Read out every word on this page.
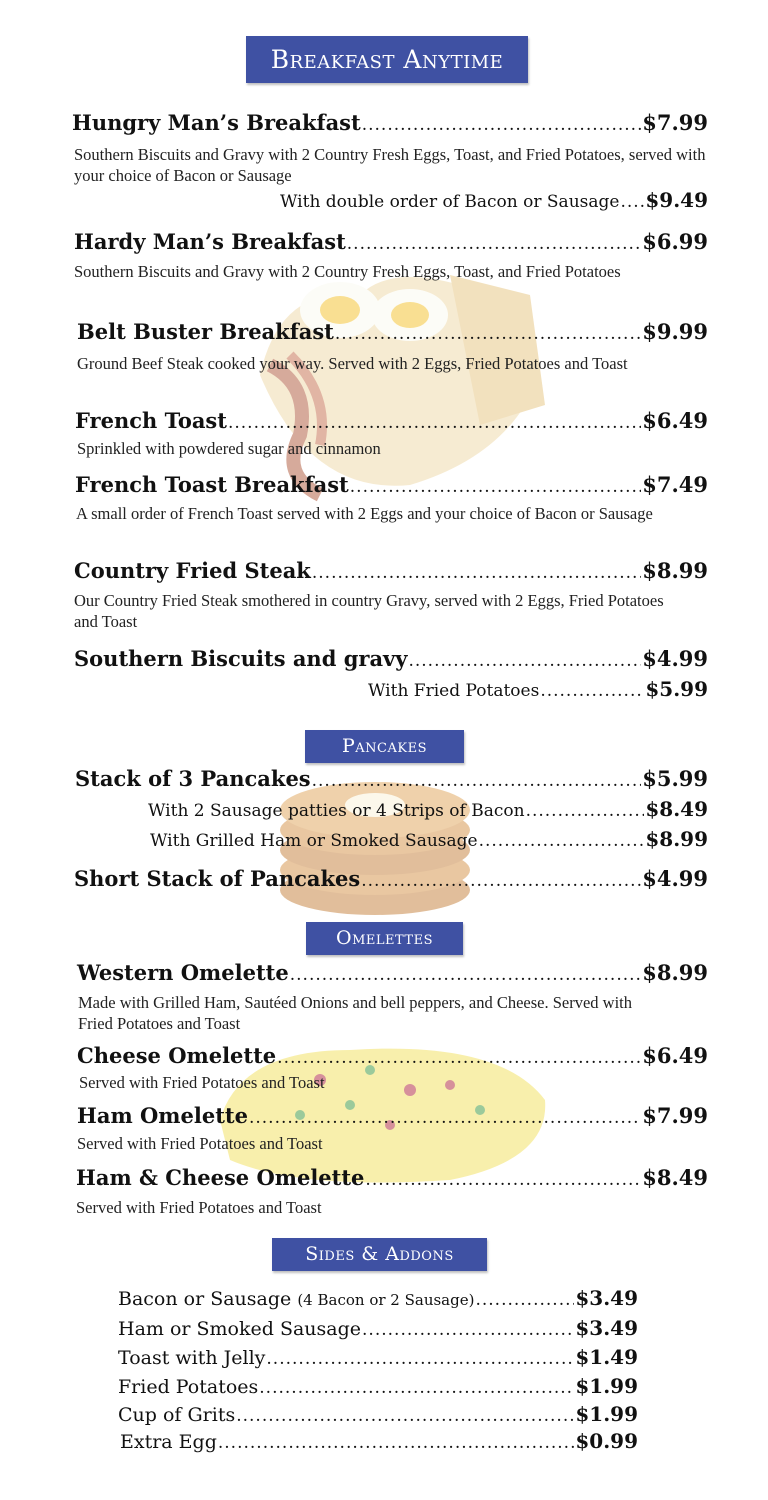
Breakfast Anytime
Pancakes
Omelettes
Sides & Addons
Hungry Man’s Breakfast .....	$7.99
Southern Biscuits and Gravy with 2 Country Fresh Eggs, Toast, and Fried Potatoes, served with your choice of Bacon or Sausage
With double order of Bacon or Sausage ..... $9.49
Hardy Man’s Breakfast .....	$6.99
Southern Biscuits and Gravy with 2 Country Fresh Eggs, Toast, and Fried Potatoes
Belt Buster Breakfast .....	$9.99
Ground Beef Steak cooked your way. Served with 2 Eggs, Fried Potatoes and Toast
French Toast .....	$6.49
Sprinkled with powdered sugar and cinnamon
French Toast Breakfast .....	$7.49
A small order of French Toast served with 2 Eggs and your choice of Bacon or Sausage
Country Fried Steak .....	$8.99
Our Country Fried Steak smothered in country Gravy, served with 2 Eggs, Fried Potatoes and Toast
Southern Biscuits and gravy .....	$4.99
With Fried Potatoes .....	$5.99
Stack of 3 Pancakes .....	$5.99
With 2 Sausage patties or 4 Strips of Bacon .....	$8.49
With Grilled Ham or Smoked Sausage .....	$8.99
Short Stack of Pancakes .....	$4.99
Western Omelette .....	$8.99
Made with Grilled Ham, Sautéed Onions and bell peppers, and Cheese. Served with Fried Potatoes and Toast
Cheese Omelette .....	$6.49
Served with Fried Potatoes and Toast
Ham Omelette .....	$7.99
Served with Fried Potatoes and Toast
Ham & Cheese Omelette .....	$8.49
Served with Fried Potatoes and Toast
Bacon or Sausage (4 Bacon or 2 Sausage) .....	$3.49
Ham or Smoked Sausage .....	$3.49
Toast with Jelly .....	$1.49
Fried Potatoes .....	$1.99
Cup of Grits .....	$1.99
Extra Egg .....	$0.99
